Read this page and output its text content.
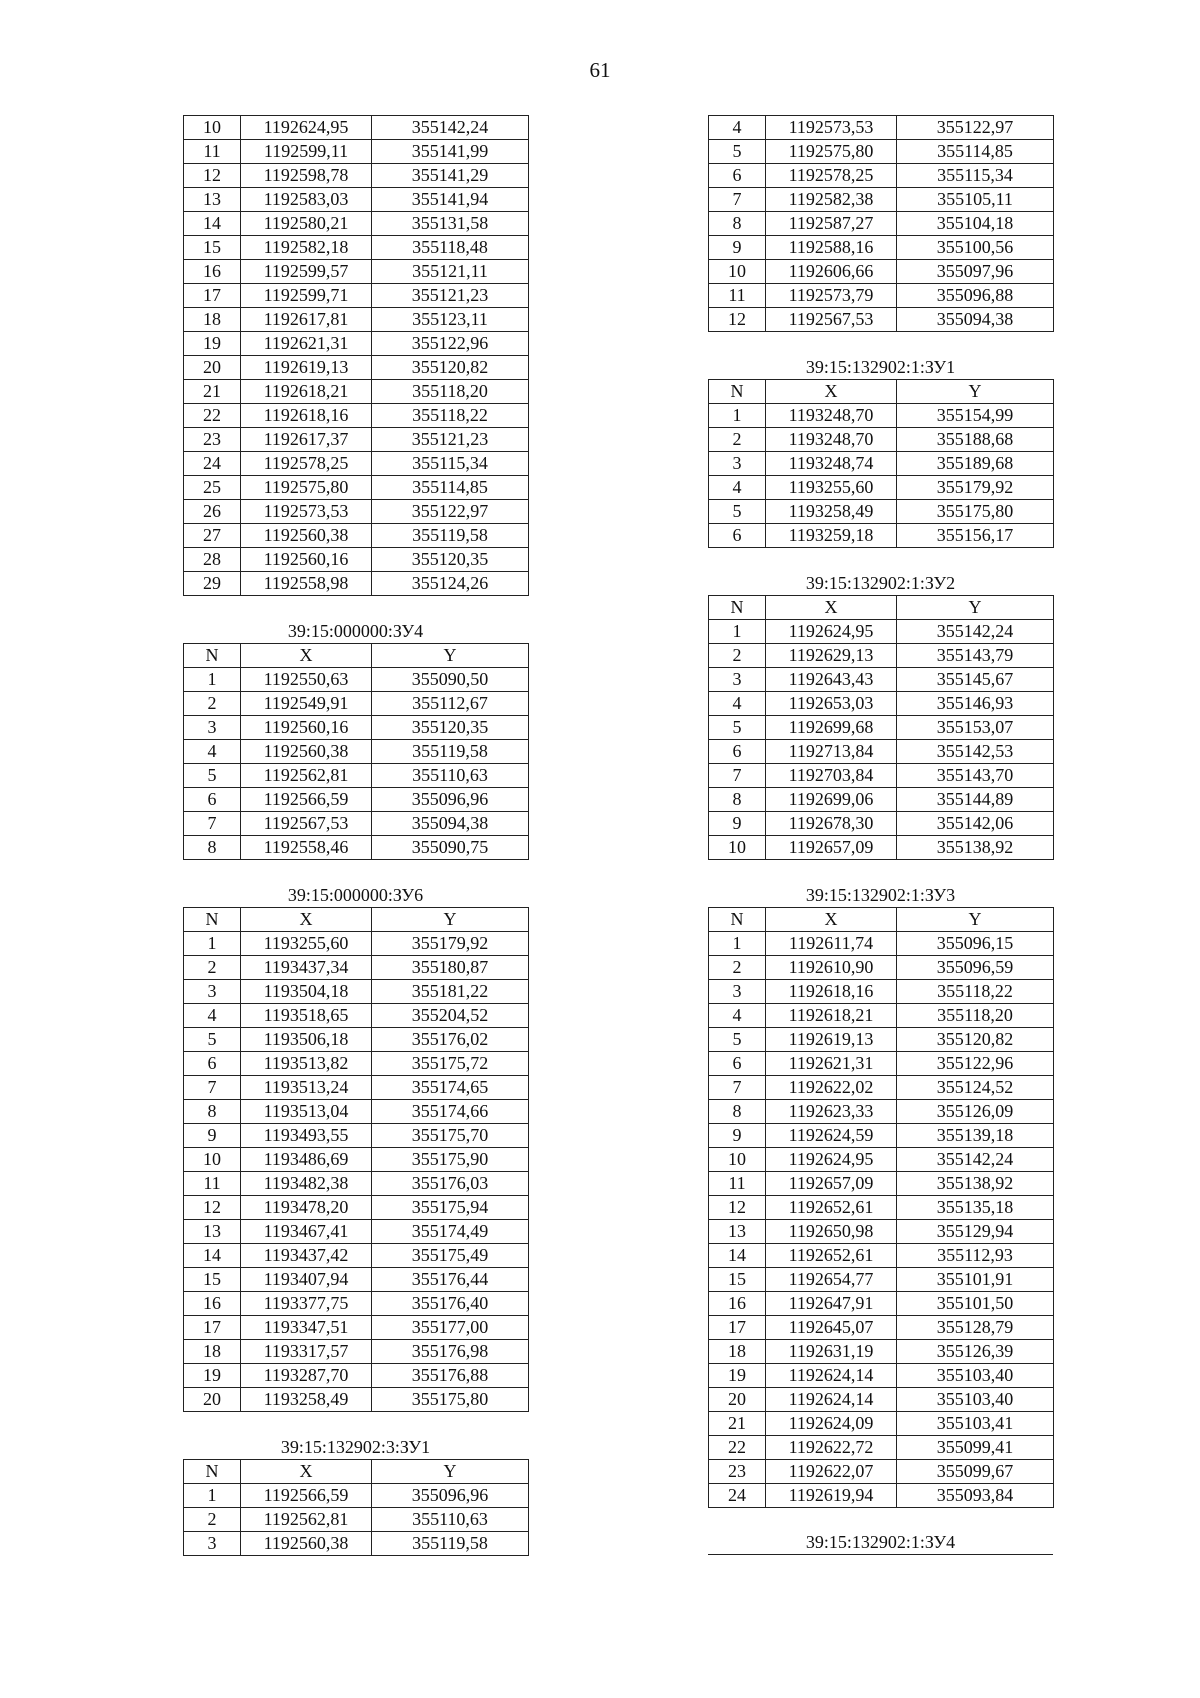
61
10	1192624,95	355142,24
11	1192599,11	355141,99
12	1192598,78	355141,29
13	1192583,03	355141,94
14	1192580,21	355131,58
15	1192582,18	355118,48
16	1192599,57	355121,11
17	1192599,71	355121,23
18	1192617,81	355123,11
19	1192621,31	355122,96
20	1192619,13	355120,82
21	1192618,21	355118,20
22	1192618,16	355118,22
23	1192617,37	355121,23
24	1192578,25	355115,34
25	1192575,80	355114,85
26	1192573,53	355122,97
27	1192560,38	355119,58
28	1192560,16	355120,35
29	1192558,98	355124,26
39:15:000000:ЗУ4
N	X	Y
1	1192550,63	355090,50
2	1192549,91	355112,67
3	1192560,16	355120,35
4	1192560,38	355119,58
5	1192562,81	355110,63
6	1192566,59	355096,96
7	1192567,53	355094,38
8	1192558,46	355090,75
39:15:000000:ЗУ6
N	X	Y
1	1193255,60	355179,92
2	1193437,34	355180,87
3	1193504,18	355181,22
4	1193518,65	355204,52
5	1193506,18	355176,02
6	1193513,82	355175,72
7	1193513,24	355174,65
8	1193513,04	355174,66
9	1193493,55	355175,70
10	1193486,69	355175,90
11	1193482,38	355176,03
12	1193478,20	355175,94
13	1193467,41	355174,49
14	1193437,42	355175,49
15	1193407,94	355176,44
16	1193377,75	355176,40
17	1193347,51	355177,00
18	1193317,57	355176,98
19	1193287,70	355176,88
20	1193258,49	355175,80
39:15:132902:3:ЗУ1
N	X	Y
1	1192566,59	355096,96
2	1192562,81	355110,63
3	1192560,38	355119,58
4	1192573,53	355122,97
5	1192575,80	355114,85
6	1192578,25	355115,34
7	1192582,38	355105,11
8	1192587,27	355104,18
9	1192588,16	355100,56
10	1192606,66	355097,96
11	1192573,79	355096,88
12	1192567,53	355094,38
39:15:132902:1:ЗУ1
N	X	Y
1	1193248,70	355154,99
2	1193248,70	355188,68
3	1193248,74	355189,68
4	1193255,60	355179,92
5	1193258,49	355175,80
6	1193259,18	355156,17
39:15:132902:1:ЗУ2
N	X	Y
1	1192624,95	355142,24
2	1192629,13	355143,79
3	1192643,43	355145,67
4	1192653,03	355146,93
5	1192699,68	355153,07
6	1192713,84	355142,53
7	1192703,84	355143,70
8	1192699,06	355144,89
9	1192678,30	355142,06
10	1192657,09	355138,92
39:15:132902:1:ЗУ3
N	X	Y
1	1192611,74	355096,15
2	1192610,90	355096,59
3	1192618,16	355118,22
4	1192618,21	355118,20
5	1192619,13	355120,82
6	1192621,31	355122,96
7	1192622,02	355124,52
8	1192623,33	355126,09
9	1192624,59	355139,18
10	1192624,95	355142,24
11	1192657,09	355138,92
12	1192652,61	355135,18
13	1192650,98	355129,94
14	1192652,61	355112,93
15	1192654,77	355101,91
16	1192647,91	355101,50
17	1192645,07	355128,79
18	1192631,19	355126,39
19	1192624,14	355103,40
20	1192624,14	355103,40
21	1192624,09	355103,41
22	1192622,72	355099,41
23	1192622,07	355099,67
24	1192619,94	355093,84
39:15:132902:1:ЗУ4
